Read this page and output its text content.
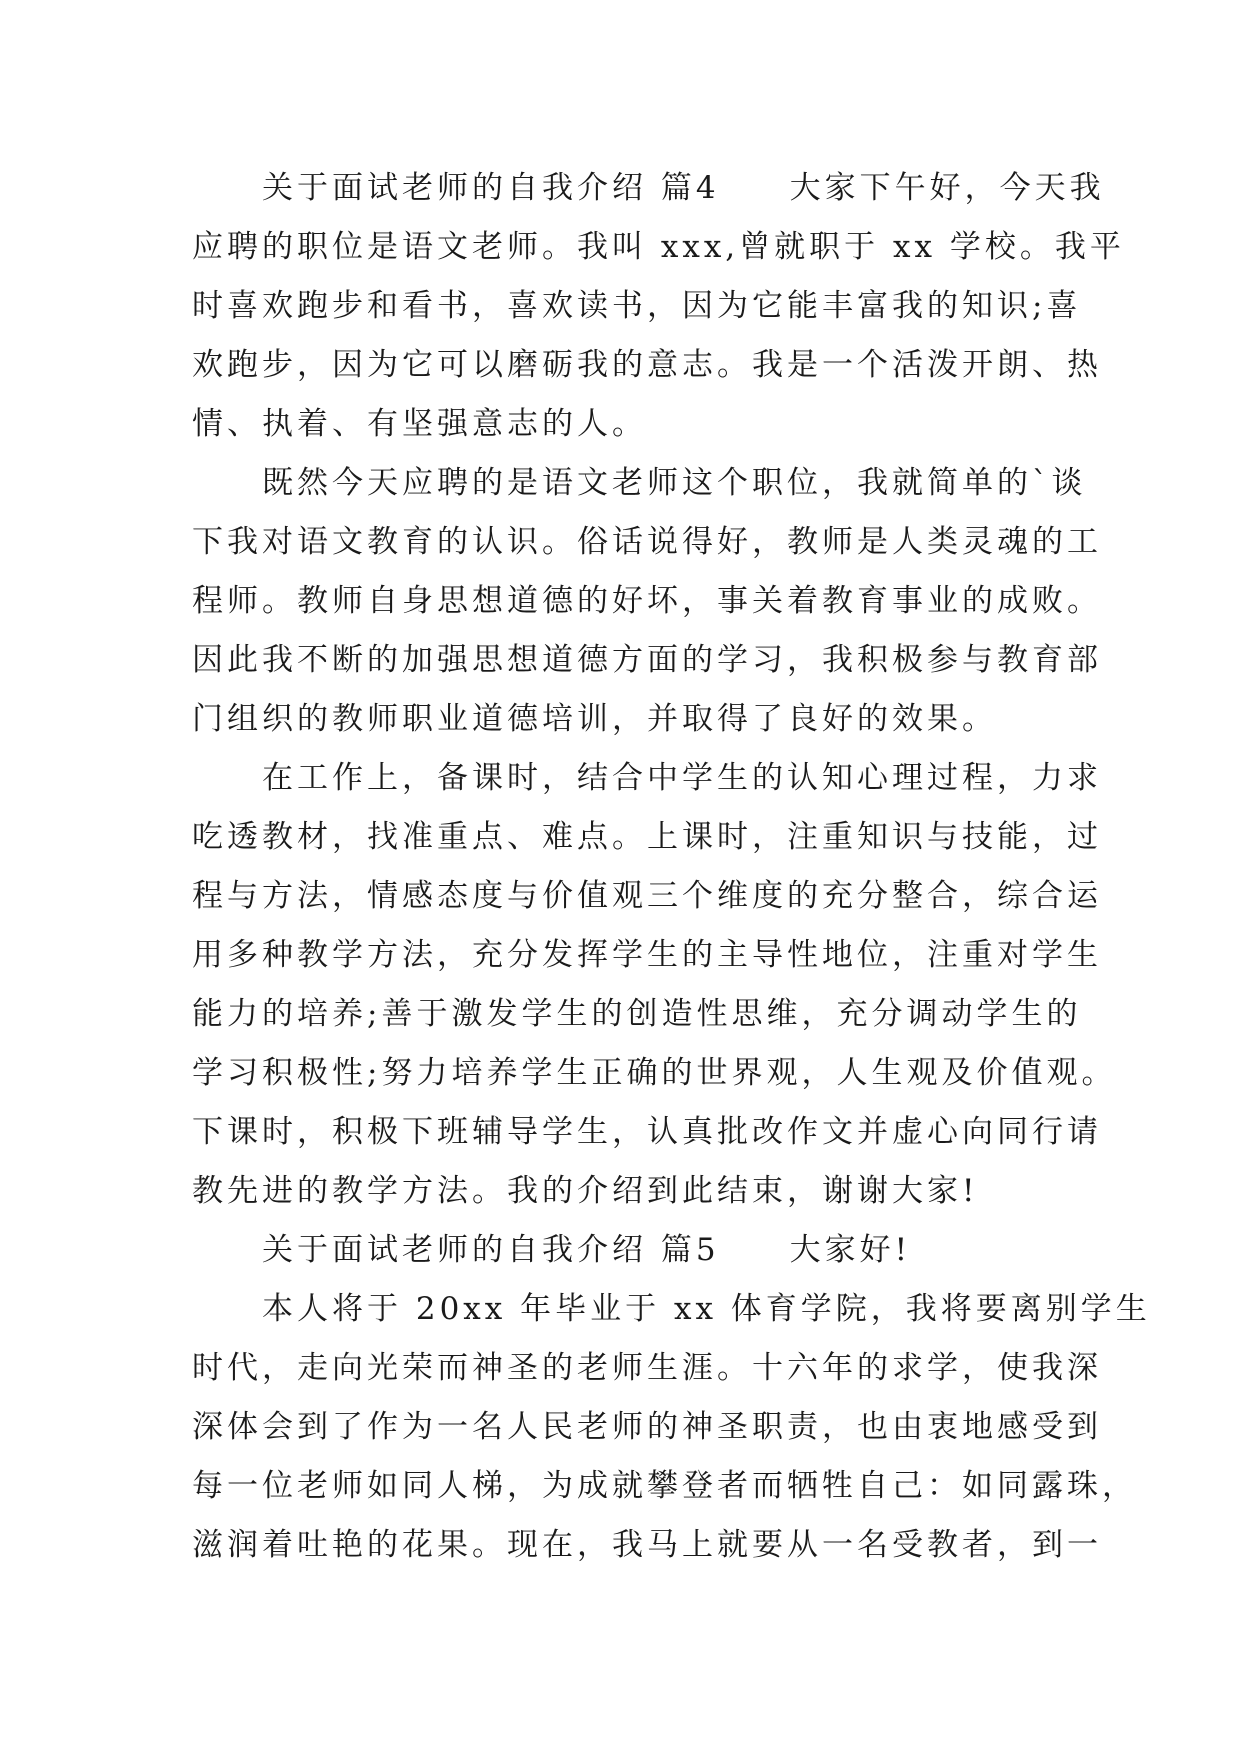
　　关于面试老师的自我介绍 篇4　　大家下午好，今天我
应聘的职位是语文老师。我叫 xxx,曾就职于 xx 学校。我平
时喜欢跑步和看书，喜欢读书，因为它能丰富我的知识;喜
欢跑步，因为它可以磨砺我的意志。我是一个活泼开朗、热
情、执着、有坚强意志的人。
　　既然今天应聘的是语文老师这个职位，我就简单的`谈
下我对语文教育的认识。俗话说得好，教师是人类灵魂的工
程师。教师自身思想道德的好坏，事关着教育事业的成败。
因此我不断的加强思想道德方面的学习，我积极参与教育部
门组织的教师职业道德培训，并取得了良好的效果。
　　在工作上，备课时，结合中学生的认知心理过程，力求
吃透教材，找准重点、难点。上课时，注重知识与技能，过
程与方法，情感态度与价值观三个维度的充分整合，综合运
用多种教学方法，充分发挥学生的主导性地位，注重对学生
能力的培养;善于激发学生的创造性思维，充分调动学生的
学习积极性;努力培养学生正确的世界观，人生观及价值观。
下课时，积极下班辅导学生，认真批改作文并虚心向同行请
教先进的教学方法。我的介绍到此结束，谢谢大家!
　　关于面试老师的自我介绍 篇5　　大家好!
　　本人将于 20xx 年毕业于 xx 体育学院，我将要离别学生
时代，走向光荣而神圣的老师生涯。十六年的求学，使我深
深体会到了作为一名人民老师的神圣职责，也由衷地感受到
每一位老师如同人梯，为成就攀登者而牺牲自己：如同露珠，
滋润着吐艳的花果。现在，我马上就要从一名受教者，到一
